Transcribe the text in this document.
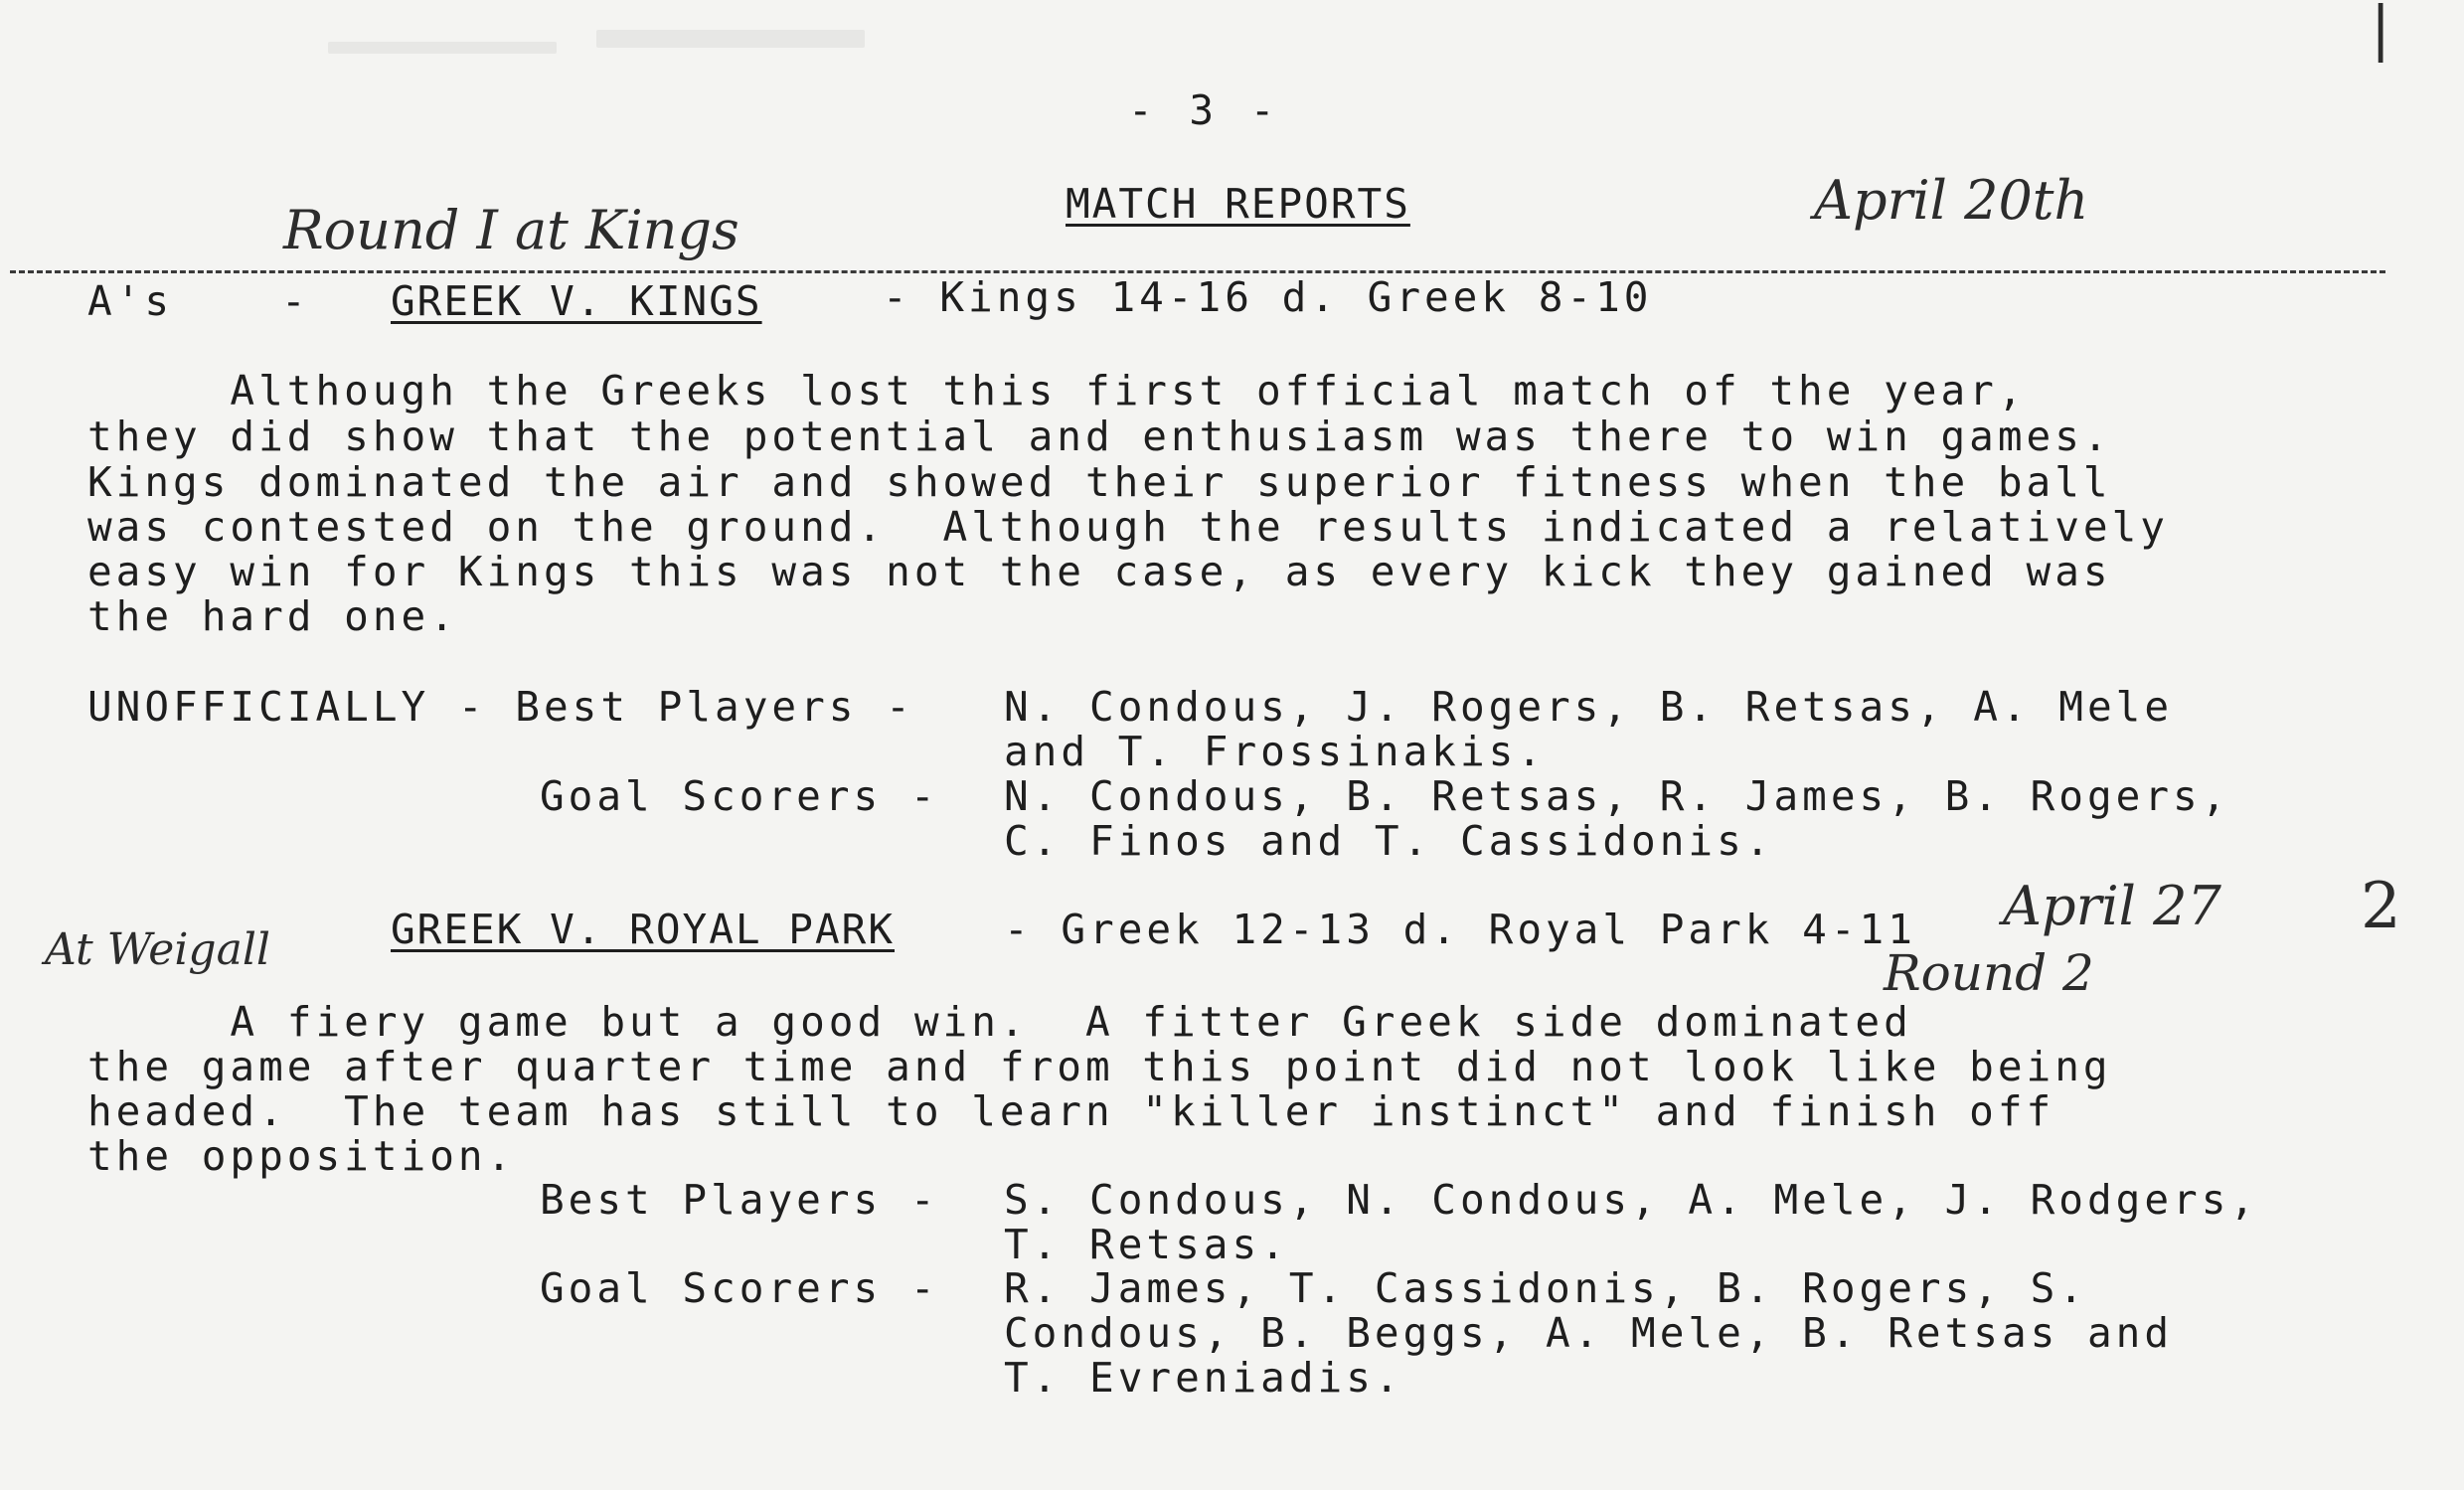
|
- 3 -
MATCH REPORTS
Round I at Kings	April 20th
A's	- GREEK V. KINGS	- Kings 14-16 d. Greek 8-10
Although the Greeks lost this first official match of the year,
they did show that the potential and enthusiasm was there to win games.
Kings dominated the air and showed their superior fitness when the ball
was contested on the ground.  Although the results indicated a relatively
easy win for Kings this was not the case, as every kick they gained was
the hard one.
UNOFFICIALLY - Best Players - N. Condous, J. Rogers, B. Retsas, A. Mele
and T. Frossinakis.
Goal Scorers - N. Condous, B. Retsas, R. James, B. Rogers,
C. Finos and T. Cassidonis.
At Weigall	GREEK V. ROYAL PARK	- Greek 12-13 d. Royal Park 4-11 April 27 2
Round 2
A fiery game but a good win.  A fitter Greek side dominated
the game after quarter time and from this point did not look like being
headed.  The team has still to learn "killer instinct" and finish off
the opposition.
Best Players - S. Condous, N. Condous, A. Mele, J. Rodgers,
T. Retsas.
Goal Scorers - R. James, T. Cassidonis, B. Rogers, S.
Condous, B. Beggs, A. Mele, B. Retsas and
T. Evreniadis.
